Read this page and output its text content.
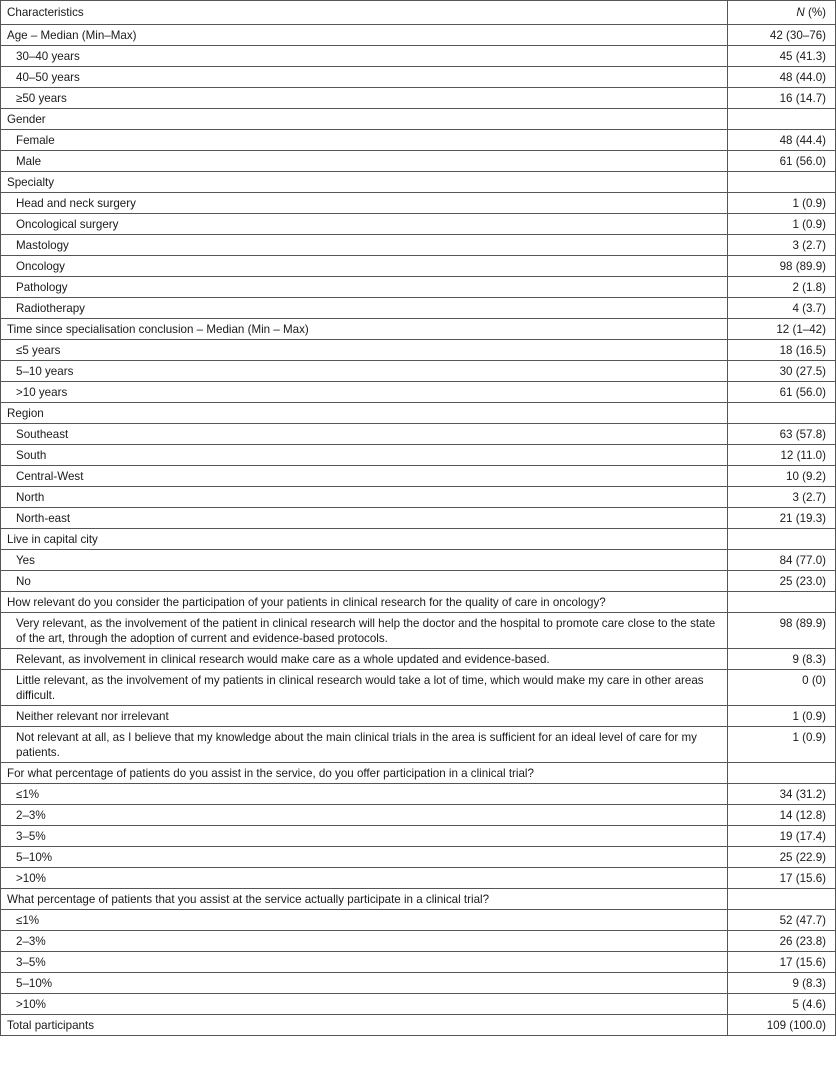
Characteristics	N (%)

Age – Median (Min–Max)	42 (30–76)

30–40 years	45 (41.3)

40–50 years	48 (44.0)

≥50 years	16 (14.7)

Gender	

Female	48 (44.4)

Male	61 (56.0)

Specialty	

Head and neck surgery	1 (0.9)

Oncological surgery	1 (0.9)

Mastology	3 (2.7)

Oncology	98 (89.9)

Pathology	2 (1.8)

Radiotherapy	4 (3.7)

Time since specialisation conclusion – Median (Min – Max)	12 (1–42)

≤5 years	18 (16.5)

5–10 years	30 (27.5)

>10 years	61 (56.0)

Region	

Southeast	63 (57.8)

South	12 (11.0)

Central-West	10 (9.2)

North	3 (2.7)

North-east	21 (19.3)

Live in capital city	

Yes	84 (77.0)

No	25 (23.0)

How relevant do you consider the participation of your patients in clinical research for the quality of care in oncology?	

Very relevant, as the involvement of the patient in clinical research will help the doctor and the hospital to promote care close to the state of the art, through the adoption of current and evidence-based protocols.	98 (89.9)

Relevant, as involvement in clinical research would make care as a whole updated and evidence-based.	9 (8.3)

Little relevant, as the involvement of my patients in clinical research would take a lot of time, which would make my care in other areas difficult.	0 (0)

Neither relevant nor irrelevant	1 (0.9)

Not relevant at all, as I believe that my knowledge about the main clinical trials in the area is sufficient for an ideal level of care for my patients.	1 (0.9)

For what percentage of patients do you assist in the service, do you offer participation in a clinical trial?	

≤1%	34 (31.2)

2–3%	14 (12.8)

3–5%	19 (17.4)

5–10%	25 (22.9)

>10%	17 (15.6)

What percentage of patients that you assist at the service actually participate in a clinical trial?	

≤1%	52 (47.7)

2–3%	26 (23.8)

3–5%	17 (15.6)

5–10%	9 (8.3)

>10%	5 (4.6)

Total participants	109 (100.0)
